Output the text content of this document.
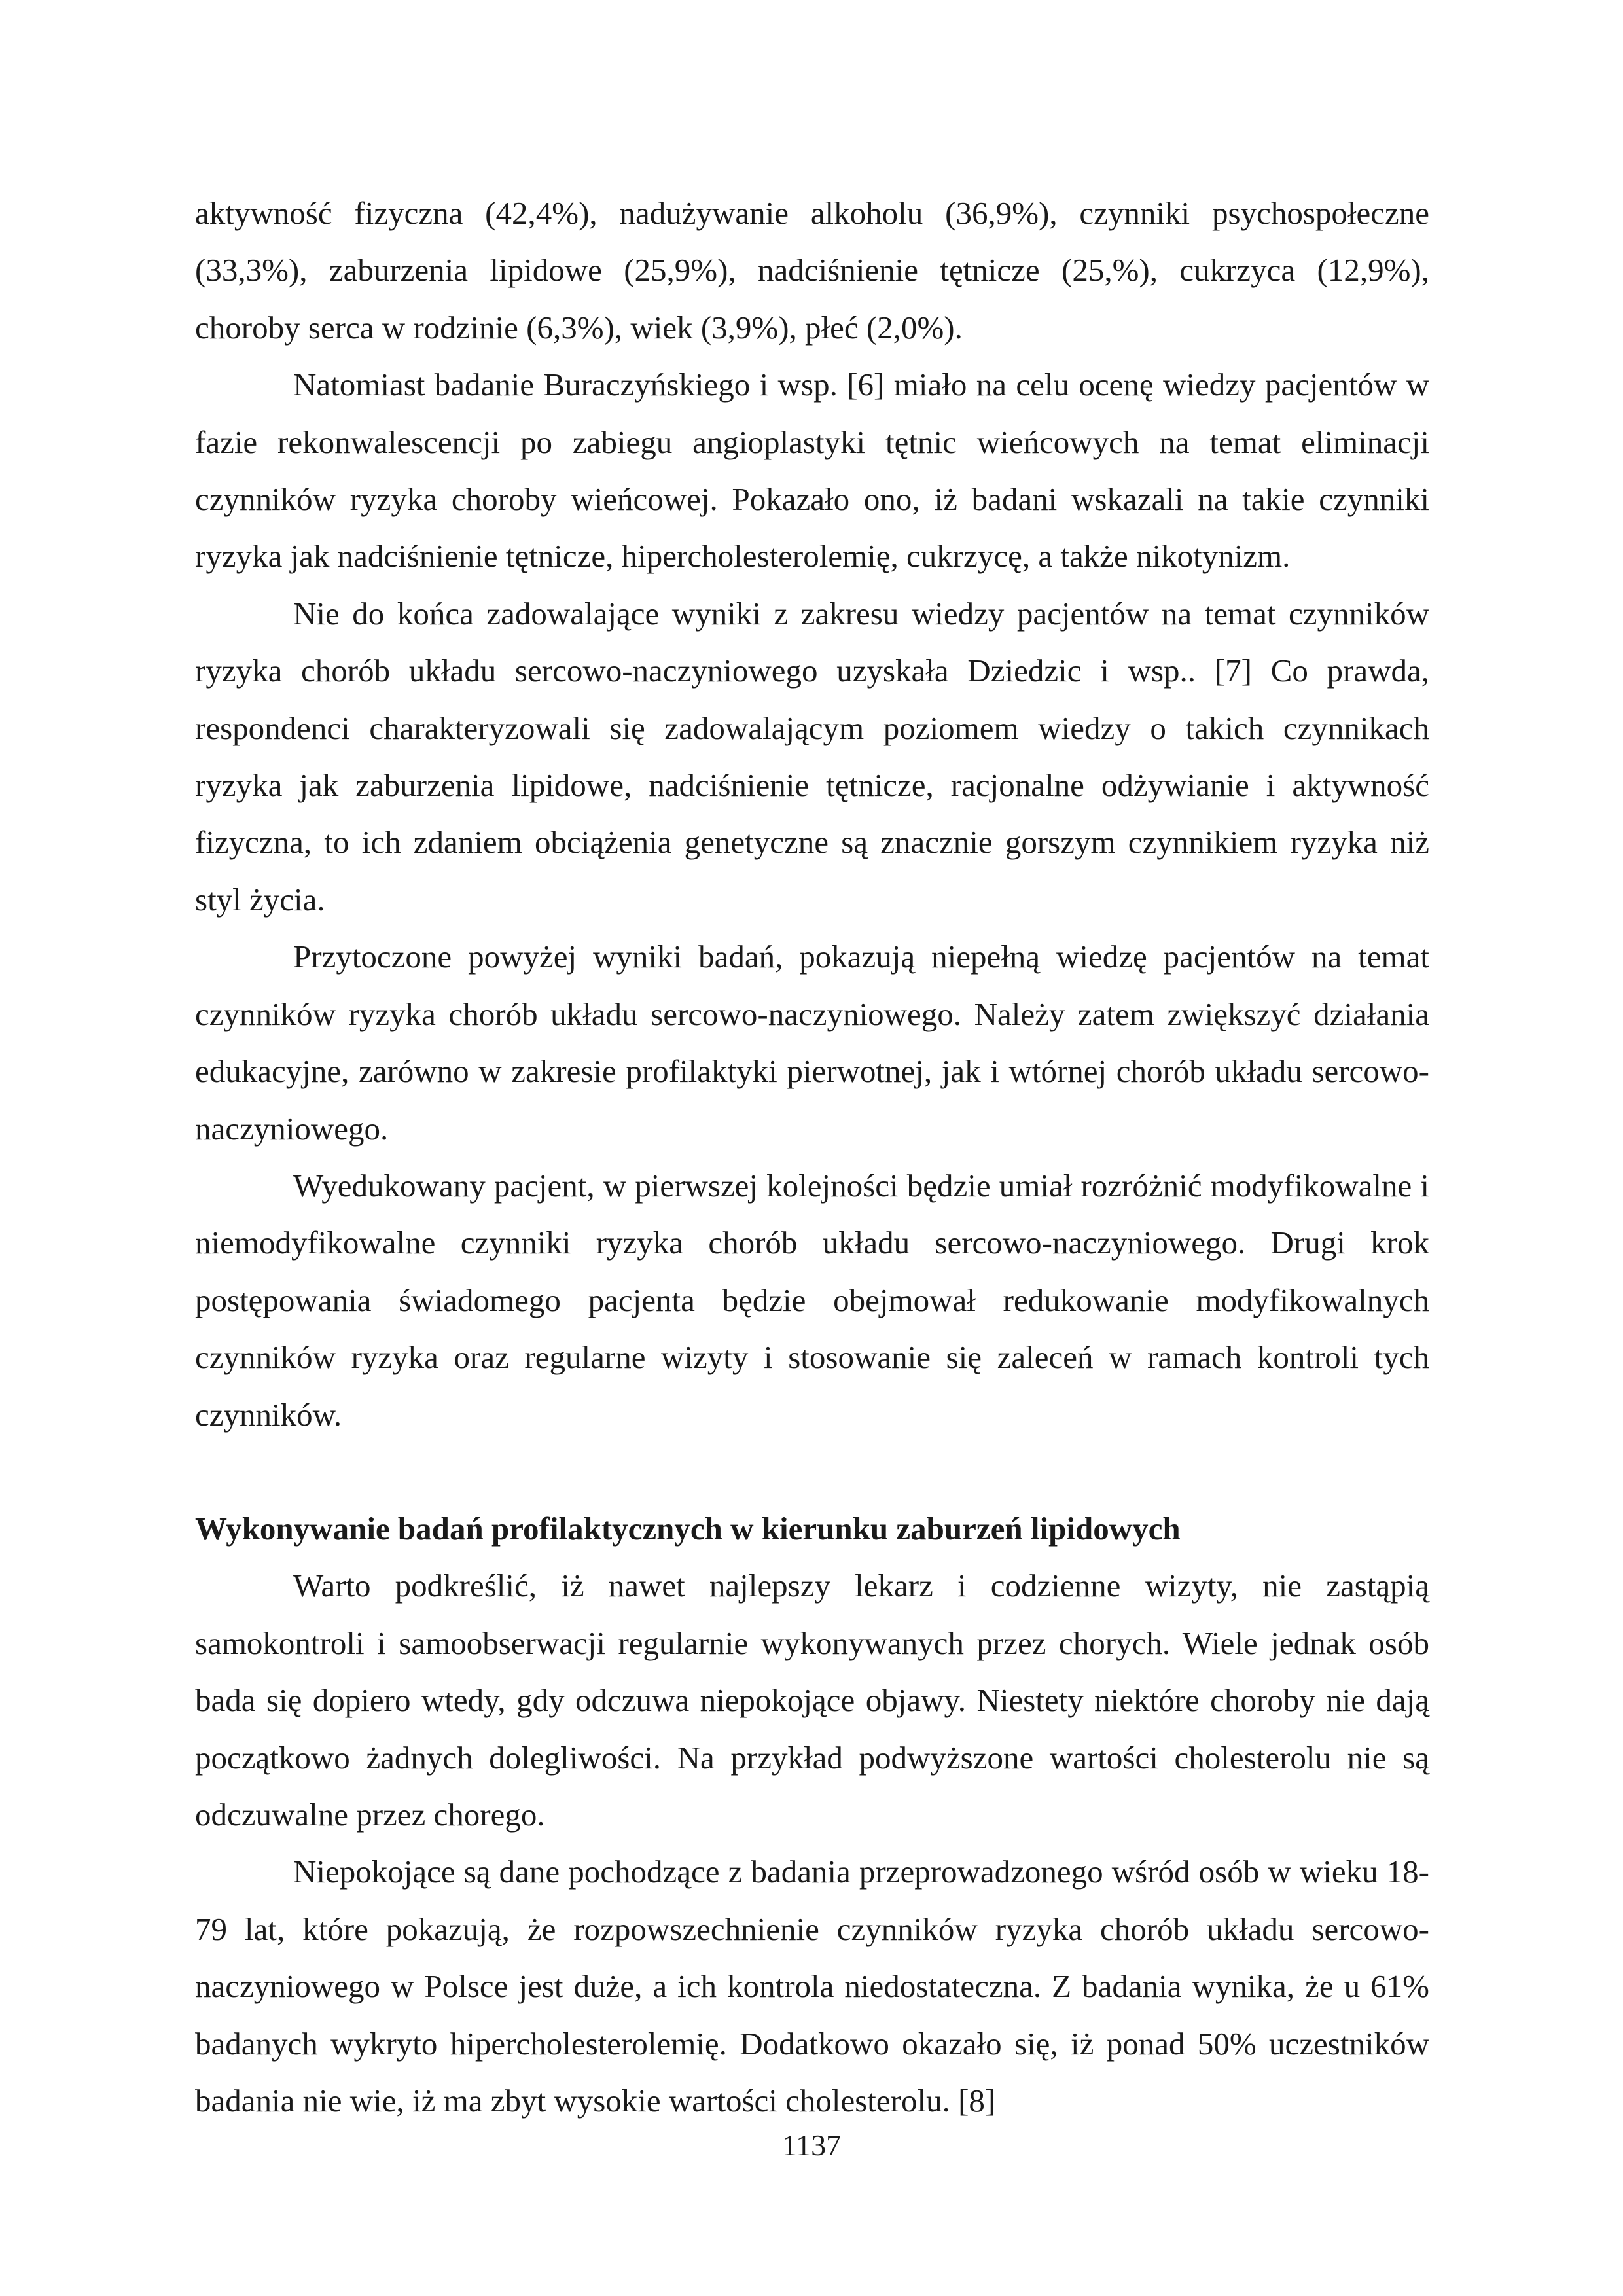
aktywność fizyczna (42,4%), nadużywanie alkoholu (36,9%), czynniki psychospołeczne (33,3%), zaburzenia lipidowe (25,9%), nadciśnienie tętnicze (25,%), cukrzyca (12,9%), choroby serca w rodzinie (6,3%), wiek (3,9%), płeć (2,0%).

Natomiast badanie Buraczyńskiego i wsp. [6] miało na celu ocenę wiedzy pacjentów w fazie rekonwalescencji po zabiegu angioplastyki tętnic wieńcowych na temat eliminacji czynników ryzyka choroby wieńcowej. Pokazało ono, iż badani wskazali na takie czynniki ryzyka jak nadciśnienie tętnicze, hipercholesterolemię, cukrzycę, a także nikotynizm.

Nie do końca zadowalające wyniki z zakresu wiedzy pacjentów na temat czynników ryzyka chorób układu sercowo-naczyniowego uzyskała Dziedzic i wsp.. [7] Co prawda, respondenci charakteryzowali się zadowalającym poziomem wiedzy o takich czynnikach ryzyka jak zaburzenia lipidowe, nadciśnienie tętnicze, racjonalne odżywianie i aktywność fizyczna, to ich zdaniem obciążenia genetyczne są znacznie gorszym czynnikiem ryzyka niż styl życia.

Przytoczone powyżej wyniki badań, pokazują niepełną wiedzę pacjentów na temat czynników ryzyka chorób układu sercowo-naczyniowego. Należy zatem zwiększyć działania edukacyjne, zarówno w zakresie profilaktyki pierwotnej, jak i wtórnej chorób układu sercowo-naczyniowego.

Wyedukowany pacjent, w pierwszej kolejności będzie umiał rozróżnić modyfikowalne i niemodyfikowalne czynniki ryzyka chorób układu sercowo-naczyniowego. Drugi krok postępowania świadomego pacjenta będzie obejmował redukowanie modyfikowalnych czynników ryzyka oraz regularne wizyty i stosowanie się zaleceń w ramach kontroli tych czynników.

Wykonywanie badań profilaktycznych w kierunku zaburzeń lipidowych

Warto podkreślić, iż nawet najlepszy lekarz i codzienne wizyty, nie zastąpią samokontroli i samoobserwacji regularnie wykonywanych przez chorych. Wiele jednak osób bada się dopiero wtedy, gdy odczuwa niepokojące objawy. Niestety niektóre choroby nie dają początkowo żadnych dolegliwości. Na przykład podwyższone wartości cholesterolu nie są odczuwalne przez chorego.

Niepokojące są dane pochodzące z badania przeprowadzonego wśród osób w wieku 18-79 lat, które pokazują, że rozpowszechnienie czynników ryzyka chorób układu sercowo-naczyniowego w Polsce jest duże, a ich kontrola niedostateczna. Z badania wynika, że u 61% badanych wykryto hipercholesterolemię. Dodatkowo okazało się, iż ponad 50% uczestników badania nie wie, iż ma zbyt wysokie wartości cholesterolu. [8]

1137
